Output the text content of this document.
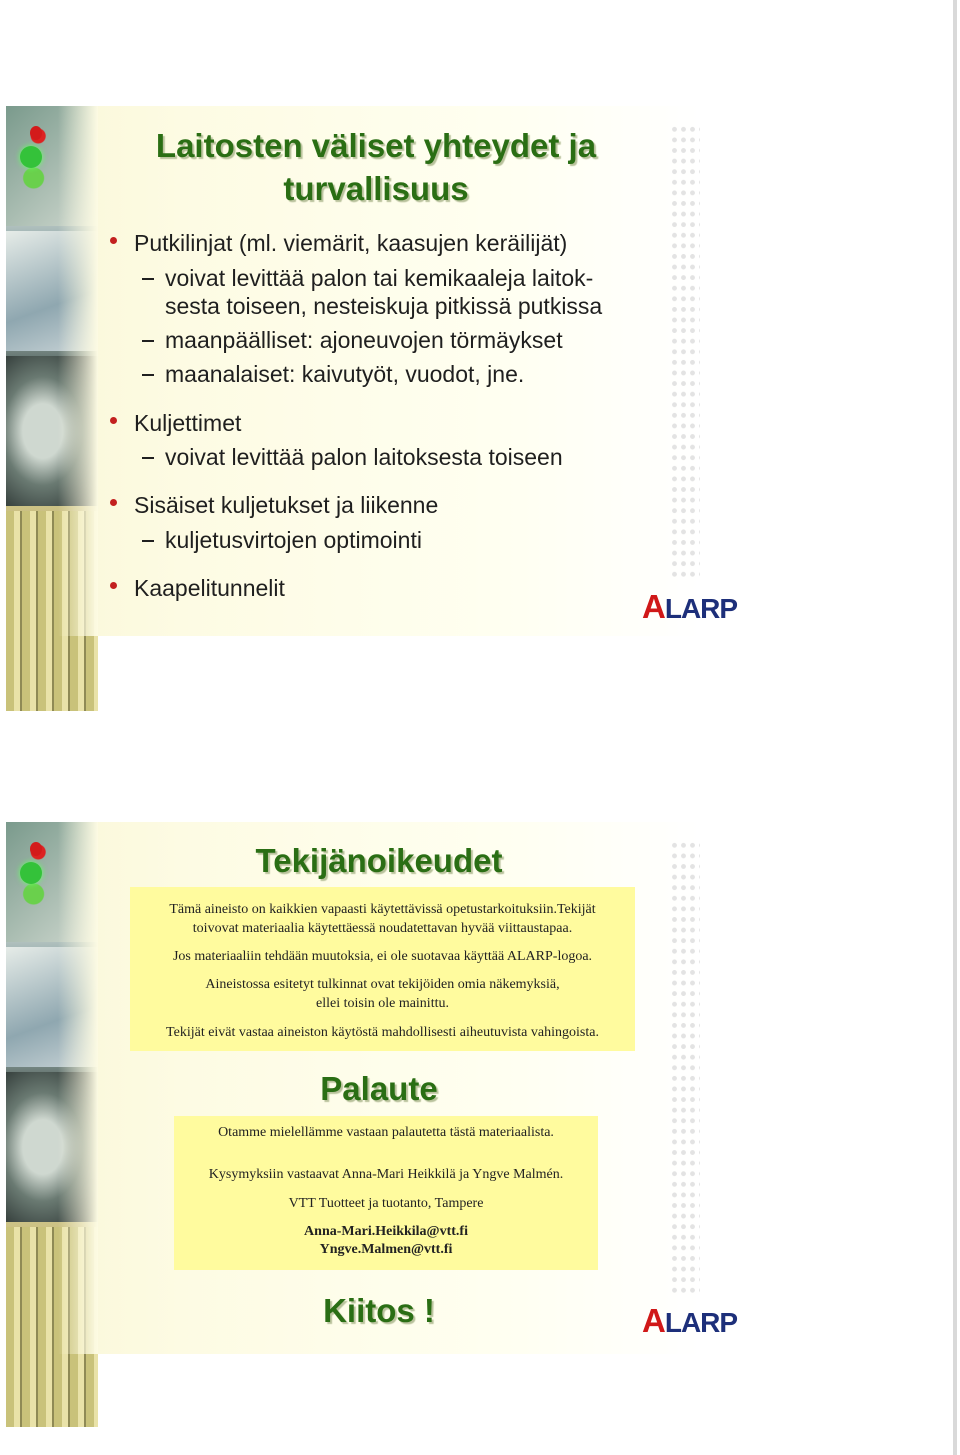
Laitosten väliset yhteydet ja
turvallisuus
Putkilinjat (ml. viemärit, kaasujen keräilijät)
voivat levittää palon tai kemikaaleja laitok-
sesta toiseen, nesteiskuja pitkissä putkissa
maanpäälliset: ajoneuvojen törmäykset
maanalaiset: kaivutyöt, vuodot, jne.
Kuljettimet
voivat levittää palon laitoksesta toiseen
Sisäiset kuljetukset ja liikenne
kuljetusvirtojen optimointi
Kaapelitunnelit	ALARP
Tekijänoikeudet
Tämä aineisto on kaikkien vapaasti käytettävissä opetustarkoituksiin.Tekijät
toivovat materiaalia käytettäessä noudatettavan hyvää viittaustapaa.
Jos materiaaliin tehdään muutoksia, ei ole suotavaa käyttää ALARP-logoa.
Aineistossa esitetyt tulkinnat ovat tekijöiden omia näkemyksiä,
ellei toisin ole mainittu.
Tekijät eivät vastaa aineiston käytöstä mahdollisesti aiheutuvista vahingoista.
Palaute
Otamme mielellämme vastaan palautetta tästä materiaalista.
Kysymyksiin vastaavat Anna-Mari Heikkilä ja Yngve Malmén.
VTT Tuotteet ja tuotanto, Tampere
Anna-Mari.Heikkila@vtt.fi
Yngve.Malmen@vtt.fi
Kiitos !	ALARP
